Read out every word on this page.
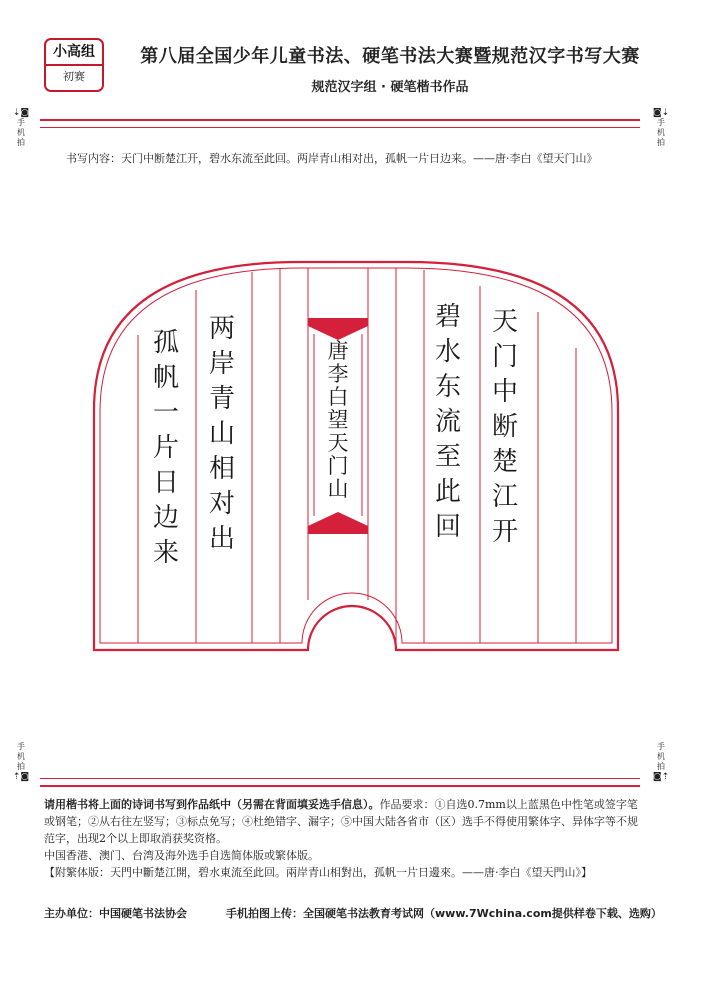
小高组
初赛
第八届全国少年儿童书法、硬笔书法大赛暨规范汉字书写大赛
规范汉字组 · 硬笔楷书作品
⇣◙
手机拍
◙⇣
手机拍
书写内容：天门中断楚江开，碧水东流至此回。两岸青山相对出，孤帆一片日边来。——唐·李白《望天门山》
天门中断楚江开
碧水东流至此回
两岸青山相对出
孤帆一片日边来
唐李白望天门山
手机拍
⇡◙
手机拍
◙⇡
请用楷书将上面的诗词书写到作品纸中（另需在背面填妥选手信息）。作品要求：①自选0.7mm以上蓝黑色中性笔或签字笔或钢笔；②从右往左竖写；③标点免写；④杜绝错字、漏字；⑤中国大陆各省市（区）选手不得使用繁体字、异体字等不规范字，出现2个以上即取消获奖资格。
中国香港、澳门、台湾及海外选手自选简体版或繁体版。
【附繁体版：天門中斷楚江開，碧水東流至此回。兩岸青山相對出，孤帆一片日邊來。——唐·李白《望天門山》】
主办单位：中国硬笔书法协会	手机拍图上传：全国硬笔书法教育考试网（www.7Wchina.com提供样卷下载、选购）
